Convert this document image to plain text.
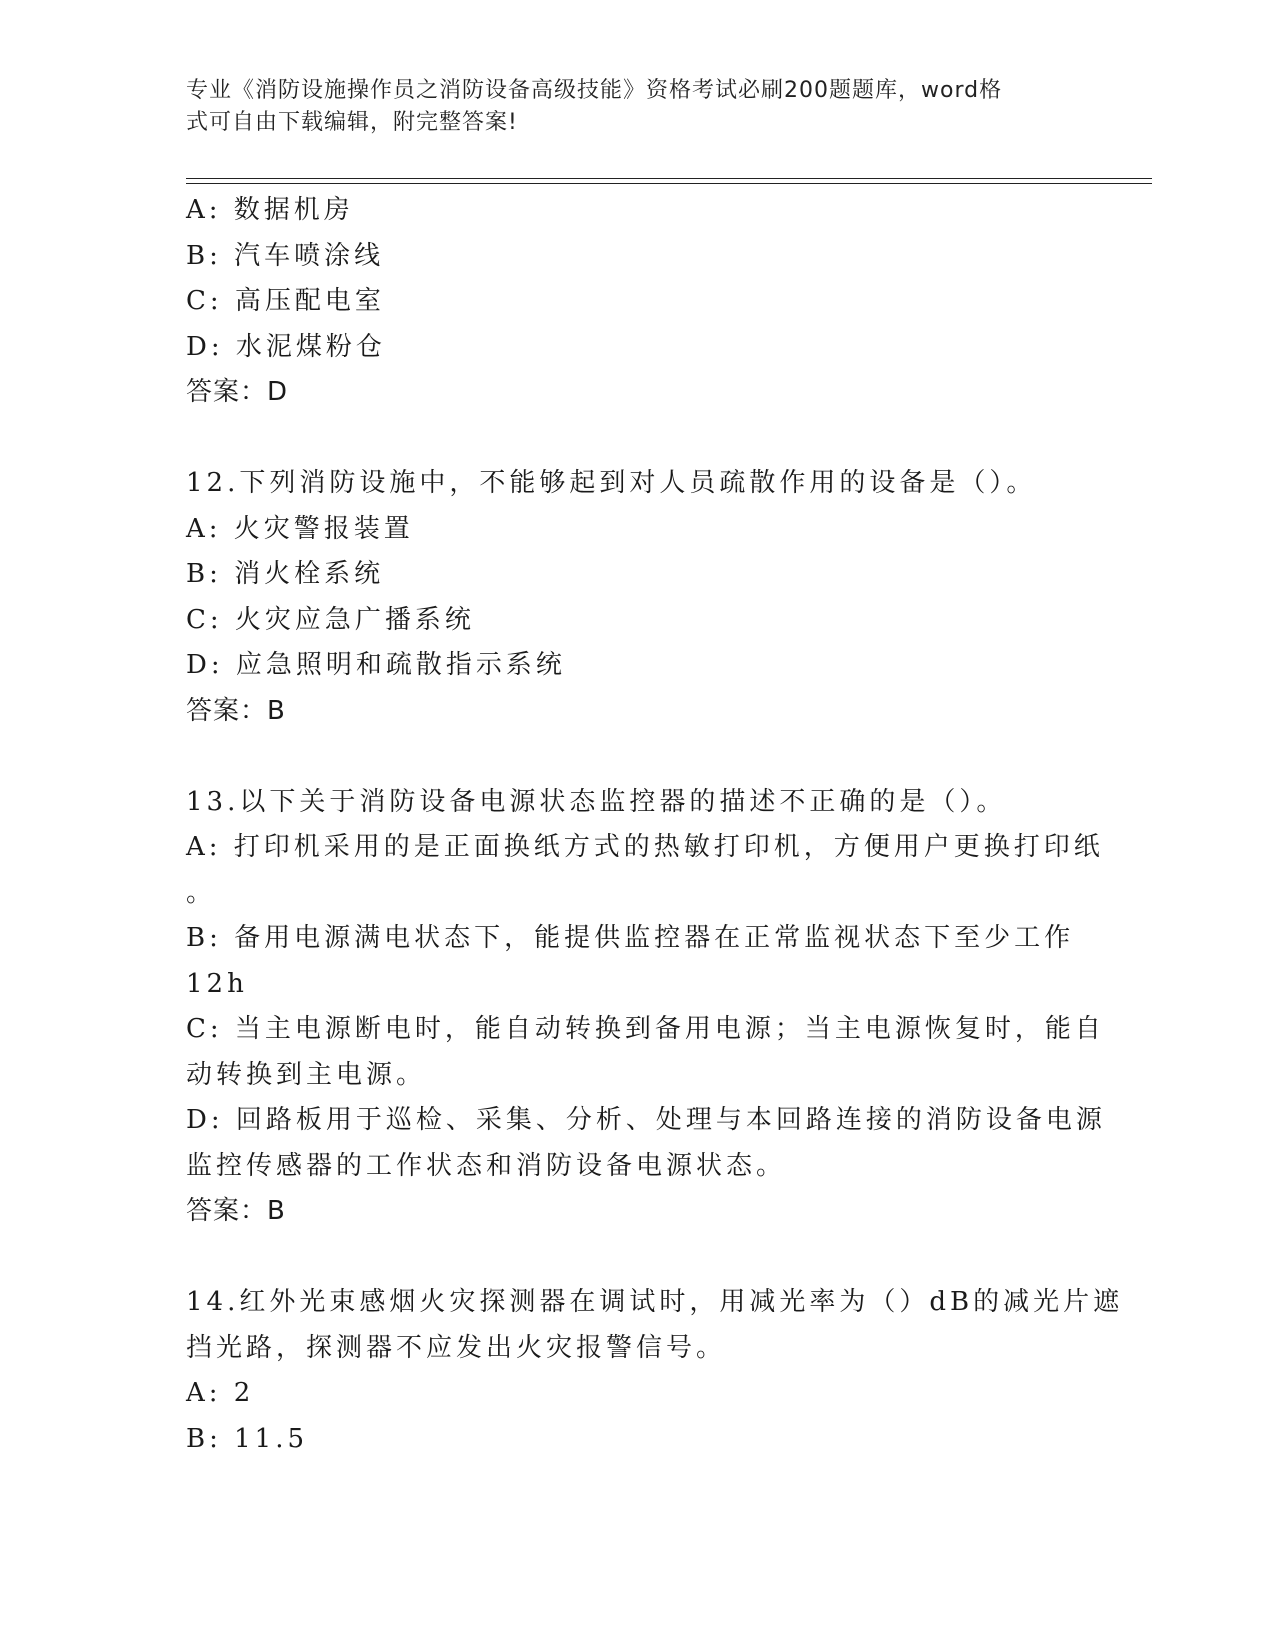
专业《消防设施操作员之消防设备高级技能》资格考试必刷200题题库，word格
式可自由下载编辑，附完整答案!
A: 数据机房
B: 汽车喷涂线
C: 高压配电室
D: 水泥煤粉仓
答案：D
12.下列消防设施中，不能够起到对人员疏散作用的设备是（）。
A: 火灾警报装置
B: 消火栓系统
C: 火灾应急广播系统
D: 应急照明和疏散指示系统
答案：B
13.以下关于消防设备电源状态监控器的描述不正确的是（）。
A: 打印机采用的是正面换纸方式的热敏打印机，方便用户更换打印纸
。
B: 备用电源满电状态下，能提供监控器在正常监视状态下至少工作
12h
C: 当主电源断电时，能自动转换到备用电源；当主电源恢复时，能自
动转换到主电源。
D: 回路板用于巡检、采集、分析、处理与本回路连接的消防设备电源
监控传感器的工作状态和消防设备电源状态。
答案：B
14.红外光束感烟火灾探测器在调试时，用减光率为（）dB的减光片遮
挡光路，探测器不应发出火灾报警信号。
A: 2
B: 11.5
